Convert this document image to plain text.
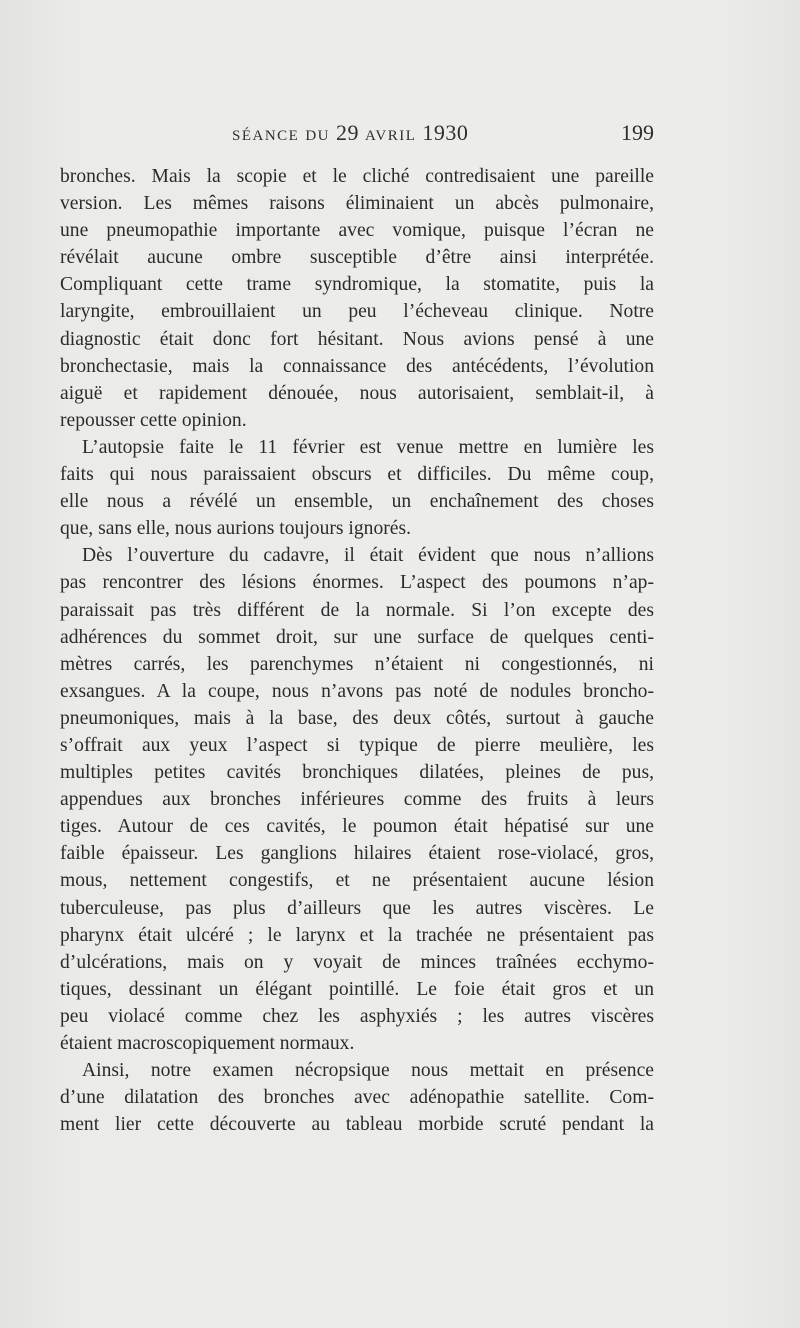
SÉANCE DU 29 AVRIL 1930	199
bronches. Mais la scopie et le cliché contredisaient une pareille
version. Les mêmes raisons éliminaient un abcès pulmonaire,
une pneumopathie importante avec vomique, puisque l’écran ne
révélait aucune ombre susceptible d’être ainsi interprétée.
Compliquant cette trame syndromique, la stomatite, puis la
laryngite, embrouillaient un peu l’écheveau clinique. Notre
diagnostic était donc fort hésitant. Nous avions pensé à une
bronchectasie, mais la connaissance des antécédents, l’évolution
aiguë et rapidement dénouée, nous autorisaient, semblait-il, à
repousser cette opinion.
L’autopsie faite le 11 février est venue mettre en lumière les
faits qui nous paraissaient obscurs et difficiles. Du même coup,
elle nous a révélé un ensemble, un enchaînement des choses
que, sans elle, nous aurions toujours ignorés.
Dès l’ouverture du cadavre, il était évident que nous n’allions
pas rencontrer des lésions énormes. L’aspect des poumons n’ap-
paraissait pas très différent de la normale. Si l’on excepte des
adhérences du sommet droit, sur une surface de quelques centi-
mètres carrés, les parenchymes n’étaient ni congestionnés, ni
exsangues. A la coupe, nous n’avons pas noté de nodules broncho-
pneumoniques, mais à la base, des deux côtés, surtout à gauche
s’offrait aux yeux l’aspect si typique de pierre meulière, les
multiples petites cavités bronchiques dilatées, pleines de pus,
appendues aux bronches inférieures comme des fruits à leurs
tiges. Autour de ces cavités, le poumon était hépatisé sur une
faible épaisseur. Les ganglions hilaires étaient rose-violacé, gros,
mous, nettement congestifs, et ne présentaient aucune lésion
tuberculeuse, pas plus d’ailleurs que les autres viscères. Le
pharynx était ulcéré ; le larynx et la trachée ne présentaient pas
d’ulcérations, mais on y voyait de minces traînées ecchymo-
tiques, dessinant un élégant pointillé. Le foie était gros et un
peu violacé comme chez les asphyxiés ; les autres viscères
étaient macroscopiquement normaux.
Ainsi, notre examen nécropsique nous mettait en présence
d’une dilatation des bronches avec adénopathie satellite. Com-
ment lier cette découverte au tableau morbide scruté pendant la
